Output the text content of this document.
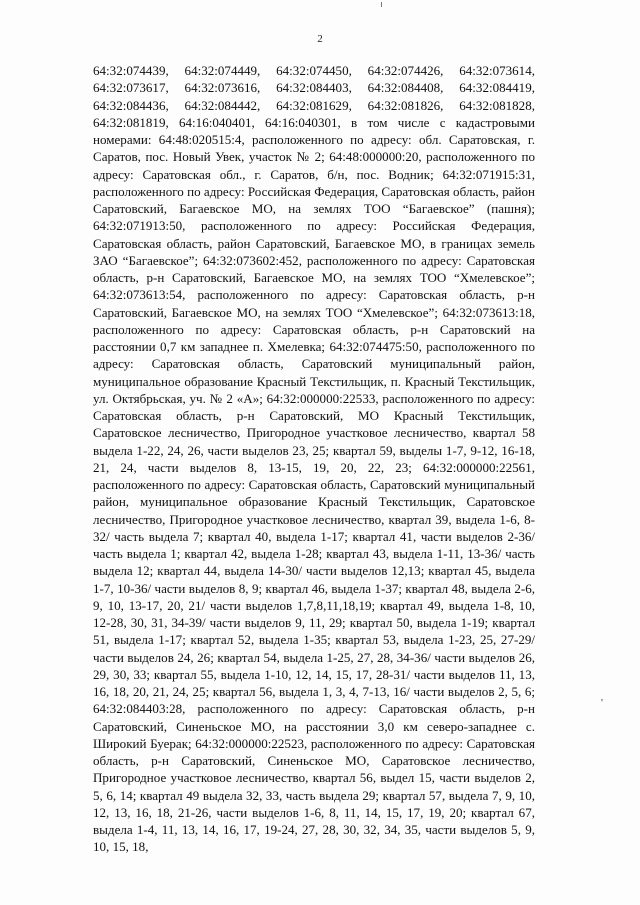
2

64:32:074439, 64:32:074449, 64:32:074450, 64:32:074426, 64:32:073614, 64:32:073617, 64:32:073616, 64:32:084403, 64:32:084408, 64:32:084419, 64:32:084436, 64:32:084442, 64:32:081629, 64:32:081826, 64:32:081828, 64:32:081819, 64:16:040401, 64:16:040301, в том числе с кадастровыми номерами: 64:48:020515:4, расположенного по адресу: обл. Саратовская, г. Саратов, пос. Новый Увек, участок № 2; 64:48:000000:20, расположенного по адресу: Саратовская обл., г. Саратов, б/н, пос. Водник; 64:32:071915:31, расположенного по адресу: Российская Федерация, Саратовская область, район Саратовский, Багаевское МО, на землях ТОО “Багаевское” (пашня); 64:32:071913:50, расположенного по адресу: Российская Федерация, Саратовская область, район Саратовский, Багаевское МО, в границах земель ЗАО “Багаевское”; 64:32:073602:452, расположенного по адресу: Саратовская область, р-н Саратовский, Багаевское МО, на землях ТОО “Хмелевское”; 64:32:073613:54, расположенного по адресу: Саратовская область, р-н Саратовский, Багаевское МО, на землях ТОО “Хмелевское”; 64:32:073613:18, расположенного по адресу: Саратовская область, р-н Саратовский на расстоянии 0,7 км западнее п. Хмелевка; 64:32:074475:50, расположенного по адресу: Саратовская область, Саратовский муниципальный район, муниципальное образование Красный Текстильщик, п. Красный Текстильщик, ул. Октябрьская, уч. № 2 «А»; 64:32:000000:22533, расположенного по адресу: Саратовская область, р-н Саратовский, МО Красный Текстильщик, Саратовское лесничество, Пригородное участковое лесничество, квартал 58 выдела 1-22, 24, 26, части выделов 23, 25; квартал 59, выделы 1-7, 9-12, 16-18, 21, 24, части выделов 8, 13-15, 19, 20, 22, 23; 64:32:000000:22561, расположенного по адресу: Саратовская область, Саратовский муниципальный район, муниципальное образование Красный Текстильщик, Саратовское лесничество, Пригородное участковое лесничество, квартал 39, выдела 1-6, 8-32/ часть выдела 7; квартал 40, выдела 1-17; квартал 41, части выделов 2-36/ часть выдела 1; квартал 42, выдела 1-28; квартал 43, выдела 1-11, 13-36/ часть выдела 12; квартал 44, выдела 14-30/ части выделов 12,13; квартал 45, выдела 1-7, 10-36/ части выделов 8, 9; квартал 46, выдела 1-37; квартал 48, выдела 2-6, 9, 10, 13-17, 20, 21/ части выделов 1,7,8,11,18,19; квартал 49, выдела 1-8, 10, 12-28, 30, 31, 34-39/ части выделов 9, 11, 29; квартал 50, выдела 1-19; квартал 51, выдела 1-17; квартал 52, выдела 1-35; квартал 53, выдела 1-23, 25, 27-29/ части выделов 24, 26; квартал 54, выдела 1-25, 27, 28, 34-36/ части выделов 26, 29, 30, 33; квартал 55, выдела 1-10, 12, 14, 15, 17, 28-31/ части выделов 11, 13, 16, 18, 20, 21, 24, 25; квартал 56, выдела 1, 3, 4, 7-13, 16/ части выделов 2, 5, 6; 64:32:084403:28, расположенного по адресу: Саратовская область, р-н Саратовский, Синеньское МО, на расстоянии 3,0 км северо-западнее с. Широкий Буерак; 64:32:000000:22523, расположенного по адресу: Саратовская область, р-н Саратовский, Синеньское МО, Саратовское лесничество, Пригородное участковое лесничество, квартал 56, выдел 15, части выделов 2, 5, 6, 14; квартал 49 выдела 32, 33, часть выдела 29; квартал 57, выдела 7, 9, 10, 12, 13, 16, 18, 21-26, части выделов 1-6, 8, 11, 14, 15, 17, 19, 20; квартал 67, выдела 1-4, 11, 13, 14, 16, 17, 19-24, 27, 28, 30, 32, 34, 35, части выделов 5, 9, 10, 15, 18,

'
